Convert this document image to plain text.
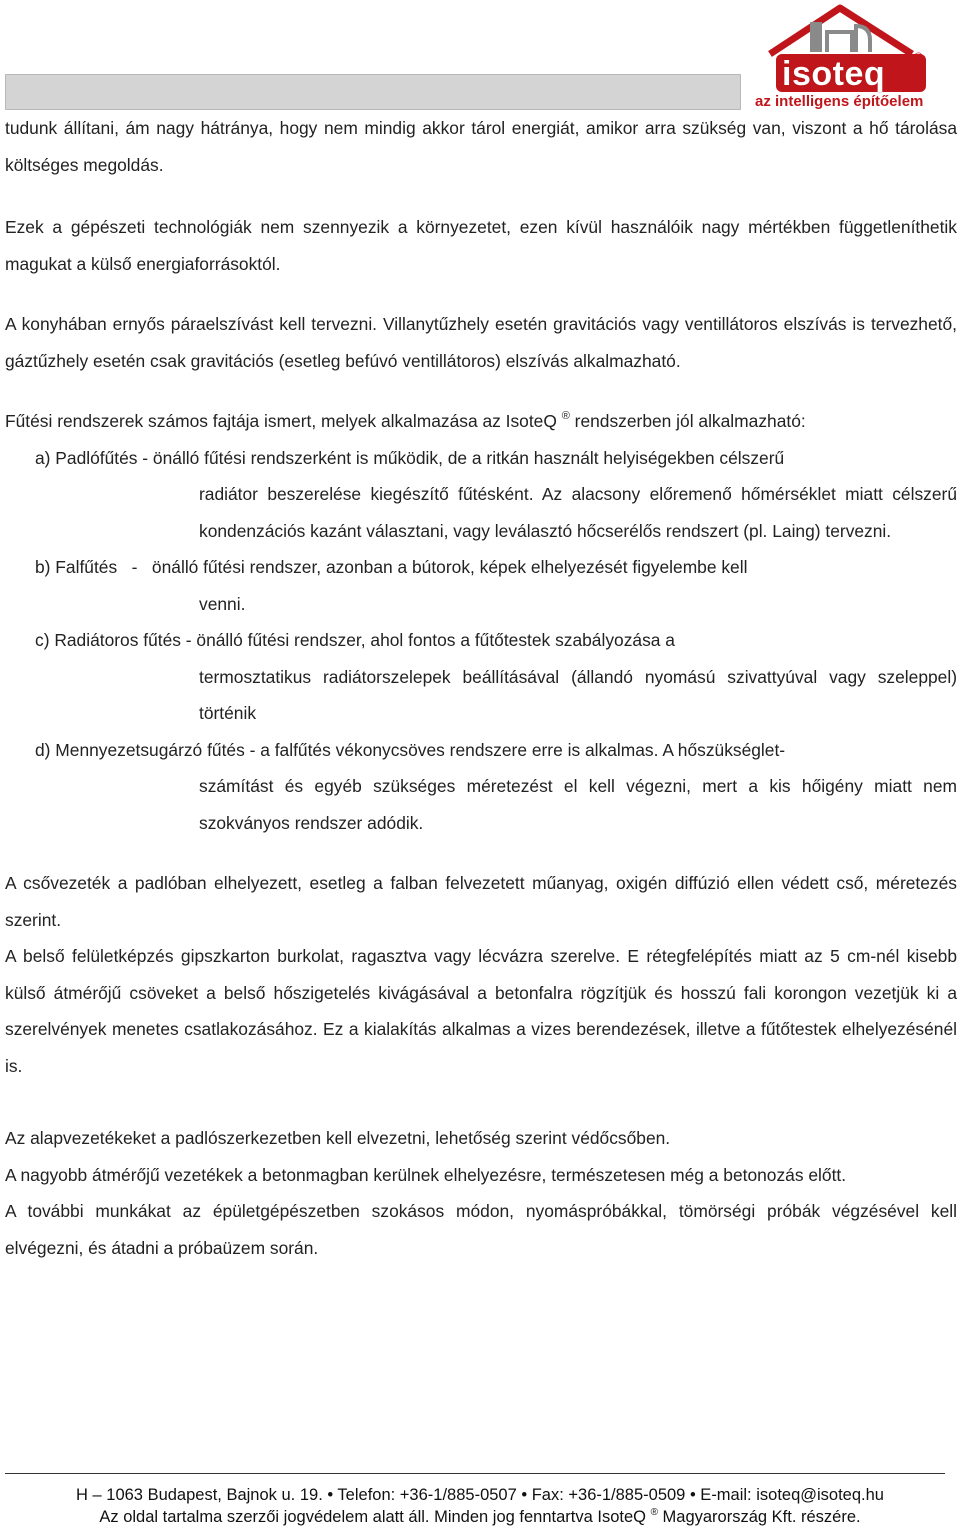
isoteq ®
az intelligens építőelem

tudunk állítani, ám nagy hátránya, hogy nem mindig akkor tárol energiát, amikor arra szükség van, viszont a hő tárolása költséges megoldás.

Ezek a gépészeti technológiák nem szennyezik a környezetet, ezen kívül használóik nagy mértékben függetleníthetik magukat a külső energiaforrásoktól.

A konyhában ernyős páraelszívást kell tervezni. Villanytűzhely esetén gravitációs vagy ventillátoros elszívás is tervezhető, gáztűzhely esetén csak gravitációs (esetleg befúvó ventillátoros) elszívás alkalmazható.

Fűtési rendszerek számos fajtája ismert, melyek alkalmazása az IsoteQ ® rendszerben jól alkalmazható:

a) Padlófűtés - önálló fűtési rendszerként is működik, de a ritkán használt helyiségekben célszerű
radiátor beszerelése kiegészítő fűtésként. Az alacsony előremenő hőmérséklet miatt célszerű kondenzációs kazánt választani, vagy leválasztó hőcserélős rendszert (pl. Laing) tervezni.
b) Falfűtés   -   önálló fűtési rendszer, azonban a bútorok, képek elhelyezését figyelembe kell
venni.
c) Radiátoros fűtés - önálló fűtési rendszer, ahol fontos a fűtőtestek szabályozása a
termosztatikus radiátorszelepek beállításával (állandó nyomású szivattyúval vagy szeleppel) történik
d) Mennyezetsugárzó fűtés - a falfűtés vékonycsöves rendszere erre is alkalmas. A hőszükséglet-
számítást és egyéb szükséges méretezést el kell végezni, mert a kis hőigény miatt nem szokványos rendszer adódik.

A csővezeték a padlóban elhelyezett, esetleg a falban felvezetett műanyag, oxigén diffúzió ellen védett cső, méretezés szerint.

A belső felületképzés gipszkarton burkolat, ragasztva vagy lécvázra szerelve. E rétegfelépítés miatt az 5 cm-nél kisebb külső átmérőjű csöveket a belső hőszigetelés kivágásával a betonfalra rögzítjük és hosszú fali korongon vezetjük ki a szerelvények menetes csatlakozásához. Ez a kialakítás alkalmas a vizes berendezések, illetve a fűtőtestek elhelyezésénél is.

Az alapvezetékeket a padlószerkezetben kell elvezetni, lehetőség szerint védőcsőben.

A nagyobb átmérőjű vezetékek a betonmagban kerülnek elhelyezésre, természetesen még a betonozás előtt.

A további munkákat az épületgépészetben szokásos módon, nyomáspróbákkal, tömörségi próbák végzésével kell elvégezni, és átadni a próbaüzem során.

H – 1063 Budapest, Bajnok u. 19. • Telefon: +36-1/885-0507 • Fax: +36-1/885-0509 • E-mail: isoteq@isoteq.hu
Az oldal tartalma szerzői jogvédelem alatt áll. Minden jog fenntartva IsoteQ ® Magyarország Kft. részére.
